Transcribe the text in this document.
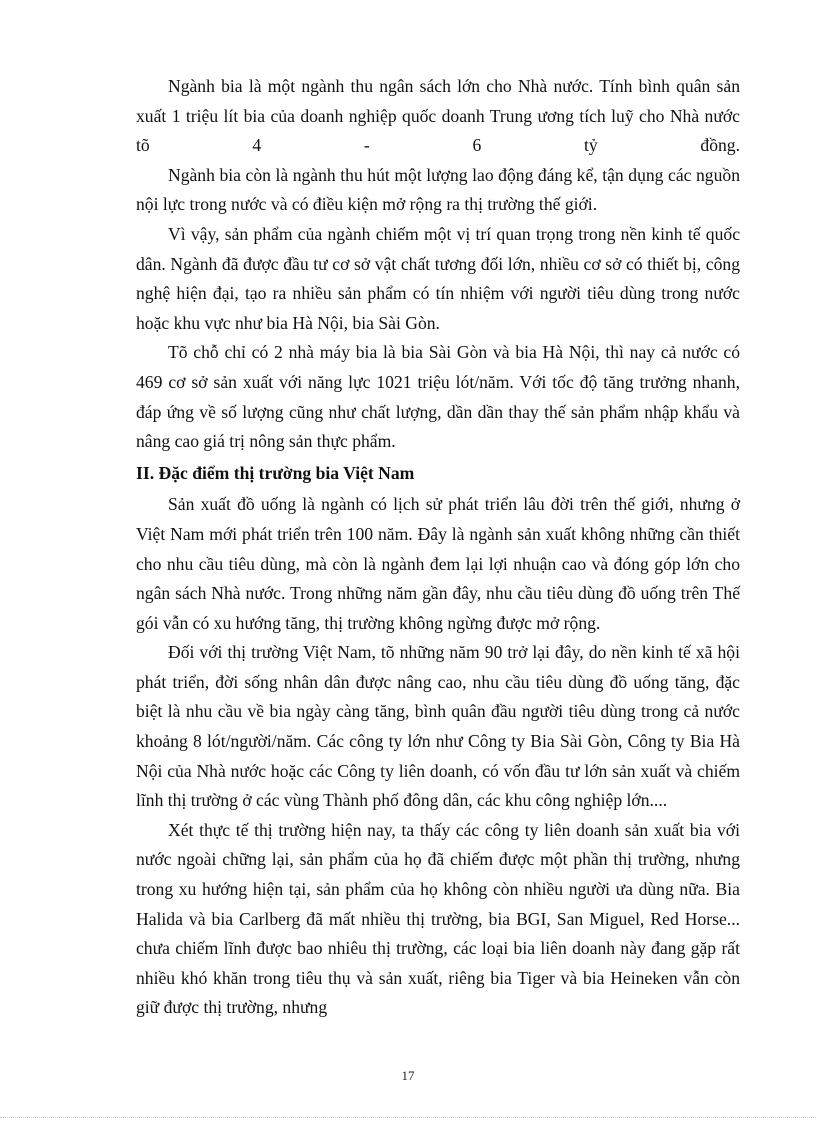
Ngành bia là một ngành thu ngân sách lớn cho Nhà nước. Tính bình quân sản xuất 1 triệu lít bia của doanh nghiệp quốc doanh Trung ương tích luỹ cho Nhà nước tõ 4 - 6 tỷ đồng.

Ngành bia còn là ngành thu hút một lượng lao động đáng kể, tận dụng các nguồn nội lực trong nước và có điều kiện mở rộng ra thị trường thế giới.

Vì vậy, sản phẩm của ngành chiếm một vị trí quan trọng trong nền kinh tế quốc dân. Ngành đã được đầu tư cơ sở vật chất tương đối lớn, nhiều cơ sở có thiết bị, công nghệ hiện đại, tạo ra nhiều sản phẩm có tín nhiệm với người tiêu dùng trong nước hoặc khu vực như bia Hà Nội, bia Sài Gòn.

Tõ chỗ chỉ có 2 nhà máy bia là bia Sài Gòn và bia Hà Nội, thì nay cả nước có 469 cơ sở sản xuất với năng lực 1021 triệu lót/năm. Với tốc độ tăng trưởng nhanh, đáp ứng về số lượng cũng như chất lượng, dần dần thay thế sản phẩm nhập khẩu và nâng cao giá trị nông sản thực phẩm.

II. Đặc điểm thị trường bia Việt Nam

Sản xuất đồ uống là ngành có lịch sử phát triển lâu đời trên thế giới, nhưng ở Việt Nam mới phát triển trên 100 năm. Đây là ngành sản xuất không những cần thiết cho nhu cầu tiêu dùng, mà còn là ngành đem lại lợi nhuận cao và đóng góp lớn cho ngân sách Nhà nước. Trong những năm gần đây, nhu cầu tiêu dùng đồ uống trên Thế gói vẫn có xu hướng tăng, thị trường không ngừng được mở rộng.

Đối với thị trường Việt Nam, tõ những năm 90 trở lại đây, do nền kinh tế xã hội phát triển, đời sống nhân dân được nâng cao, nhu cầu tiêu dùng đồ uống tăng, đặc biệt là nhu cầu về bia ngày càng tăng, bình quân đầu người tiêu dùng trong cả nước khoảng 8 lót/người/năm. Các công ty lớn như Công ty Bia Sài Gòn, Công ty Bia Hà Nội của Nhà nước hoặc các Công ty liên doanh, có vốn đầu tư lớn sản xuất và chiếm lĩnh thị trường ở các vùng Thành phố đông dân, các khu công nghiệp lớn....

Xét thực tế thị trường hiện nay, ta thấy các công ty liên doanh sản xuất bia với nước ngoài chững lại, sản phẩm của họ đã chiếm được một phần thị trường, nhưng trong xu hướng hiện tại, sản phẩm của họ không còn nhiều người ưa dùng nữa. Bia Halida và bia Carlberg đã mất nhiều thị trường, bia BGI, San Miguel, Red Horse... chưa chiếm lĩnh được bao nhiêu thị trường, các loại bia liên doanh này đang gặp rất nhiều khó khăn trong tiêu thụ và sản xuất, riêng bia Tiger và bia Heineken vẫn còn giữ được thị trường, nhưng

17
